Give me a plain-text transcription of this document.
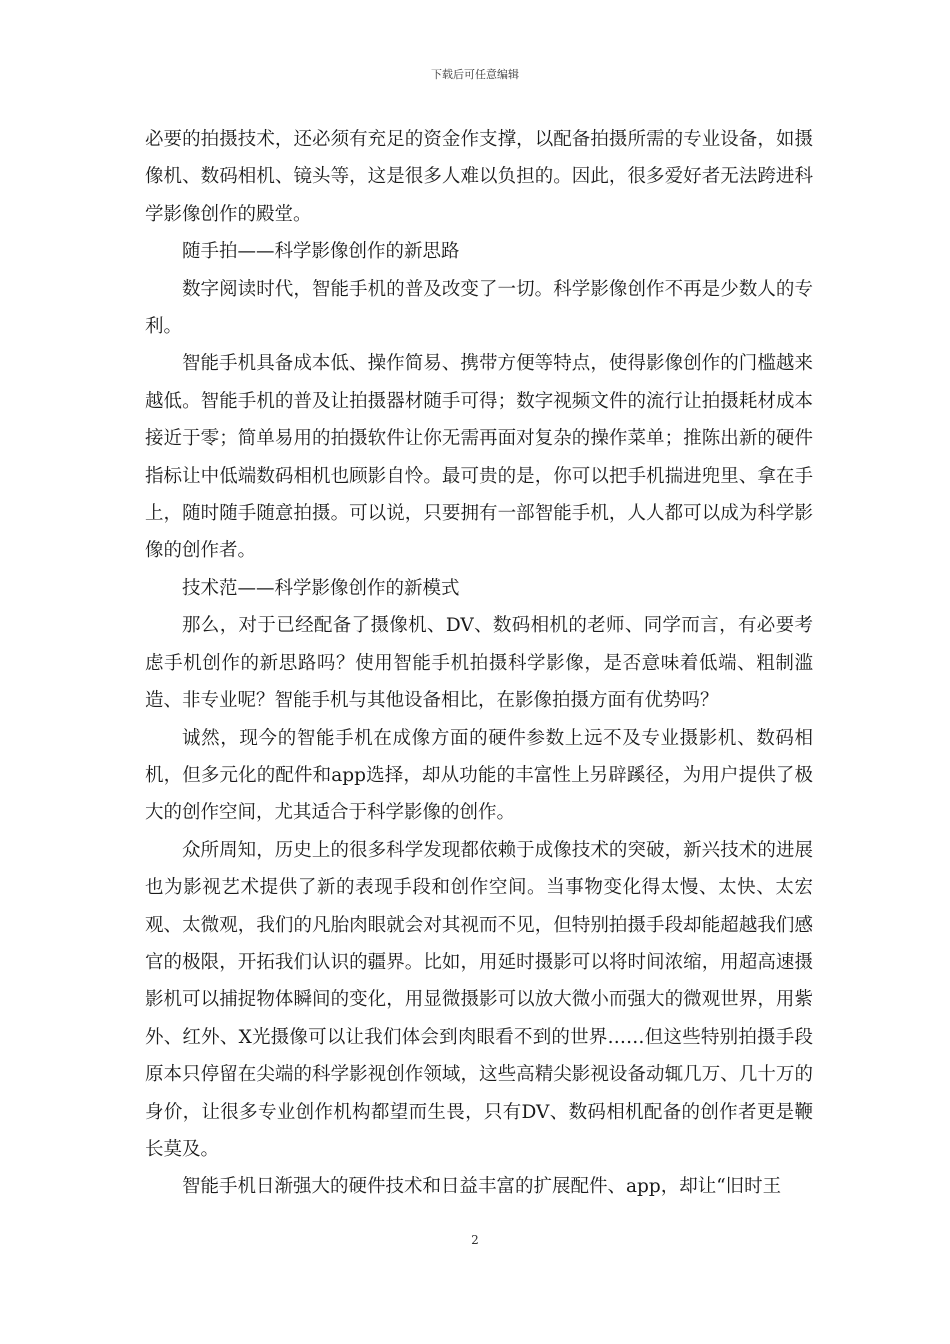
下载后可任意编辑

必要的拍摄技术，还必须有充足的资金作支撑，以配备拍摄所需的专业设备，如摄像机、数码相机、镜头等，这是很多人难以负担的。因此，很多爱好者无法跨进科学影像创作的殿堂。

随手拍——科学影像创作的新思路

数字阅读时代，智能手机的普及改变了一切。科学影像创作不再是少数人的专利。

智能手机具备成本低、操作简易、携带方便等特点，使得影像创作的门槛越来越低。智能手机的普及让拍摄器材随手可得；数字视频文件的流行让拍摄耗材成本接近于零；简单易用的拍摄软件让你无需再面对复杂的操作菜单；推陈出新的硬件指标让中低端数码相机也顾影自怜。最可贵的是，你可以把手机揣进兜里、拿在手上，随时随手随意拍摄。可以说，只要拥有一部智能手机，人人都可以成为科学影像的创作者。

技术范——科学影像创作的新模式

那么，对于已经配备了摄像机、DV、数码相机的老师、同学而言，有必要考虑手机创作的新思路吗？使用智能手机拍摄科学影像，是否意味着低端、粗制滥造、非专业呢？智能手机与其他设备相比，在影像拍摄方面有优势吗？

诚然，现今的智能手机在成像方面的硬件参数上远不及专业摄影机、数码相机，但多元化的配件和app选择，却从功能的丰富性上另辟蹊径，为用户提供了极大的创作空间，尤其适合于科学影像的创作。

众所周知，历史上的很多科学发现都依赖于成像技术的突破，新兴技术的进展也为影视艺术提供了新的表现手段和创作空间。当事物变化得太慢、太快、太宏观、太微观，我们的凡胎肉眼就会对其视而不见，但特别拍摄手段却能超越我们感官的极限，开拓我们认识的疆界。比如，用延时摄影可以将时间浓缩，用超高速摄影机可以捕捉物体瞬间的变化，用显微摄影可以放大微小而强大的微观世界，用紫外、红外、X光摄像可以让我们体会到肉眼看不到的世界……但这些特别拍摄手段原本只停留在尖端的科学影视创作领域，这些高精尖影视设备动辄几万、几十万的身价，让很多专业创作机构都望而生畏，只有DV、数码相机配备的创作者更是鞭长莫及。

智能手机日渐强大的硬件技术和日益丰富的扩展配件、app，却让“旧时王

2
